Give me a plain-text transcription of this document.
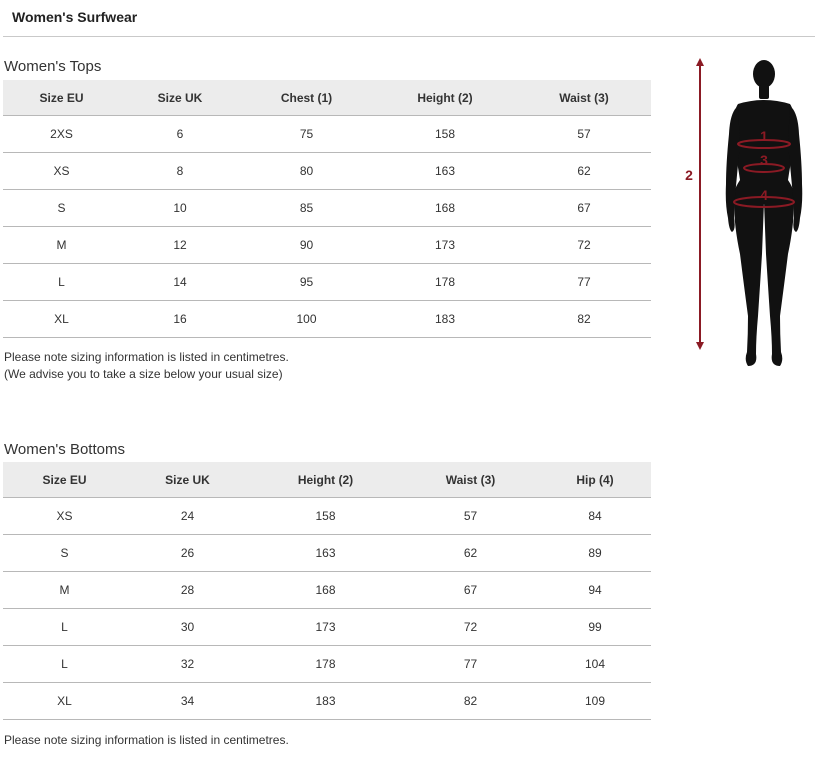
Women's Surfwear
Women's Tops
Size EU	Size UK	Chest (1)	Height (2)	Waist (3)
2XS	6	75	158	57
XS	8	80	163	62
S	10	85	168	67
M	12	90	173	72
L	14	95	178	77
XL	16	100	183	82
Please note sizing information is listed in centimetres.
(We advise you to take a size below your usual size)
Women's Bottoms
Size EU	Size UK	Height (2)	Waist (3)	Hip (4)
XS	24	158	57	84
S	26	163	62	89
M	28	168	67	94
L	30	173	72	99
L	32	178	77	104
XL	34	183	82	109
Please note sizing information is listed in centimetres.
2
1
3
4
